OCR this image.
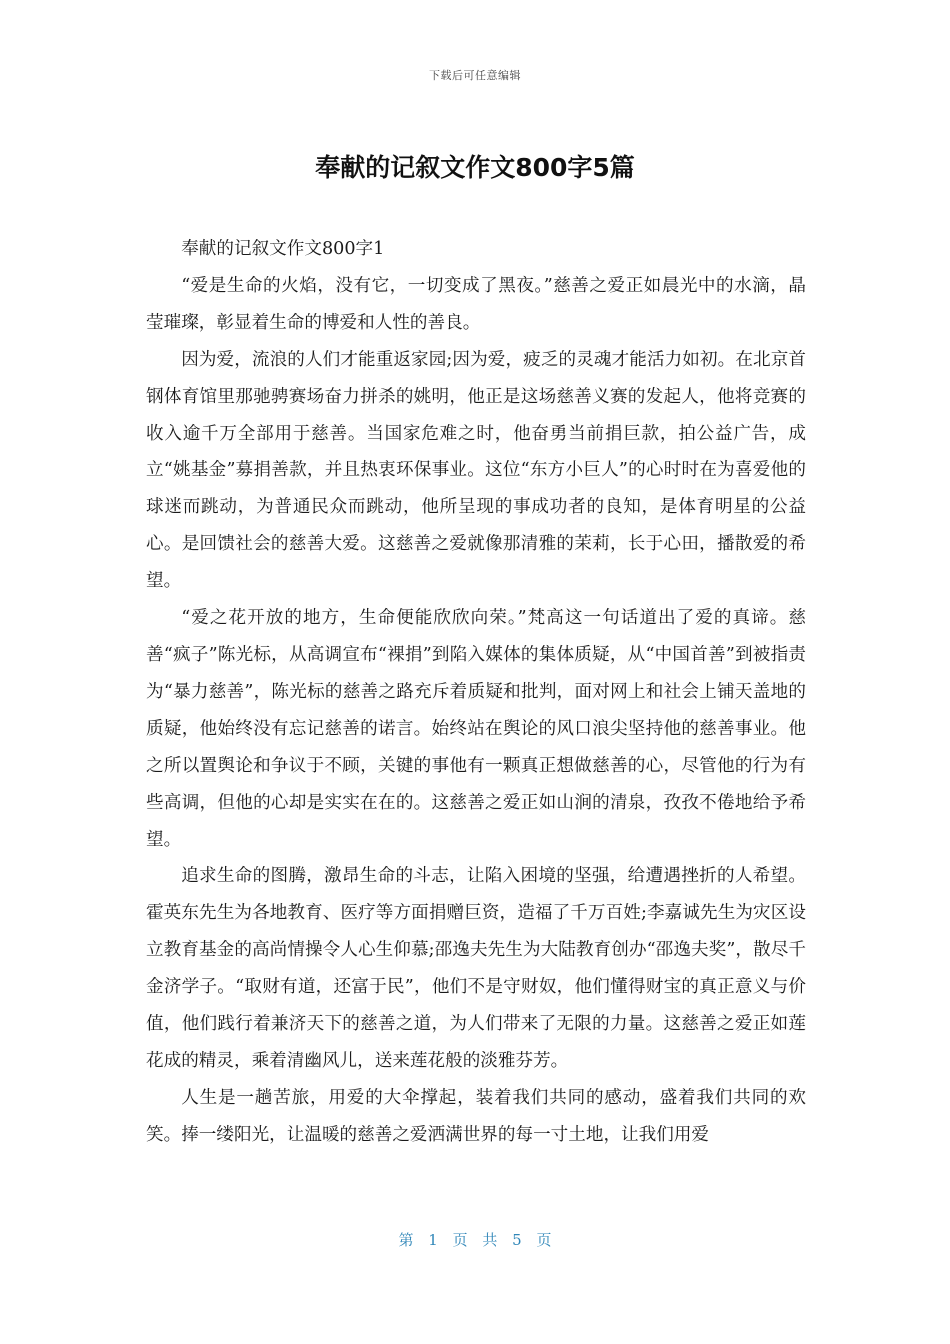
下载后可任意编辑
奉献的记叙文作文800字5篇

奉献的记叙文作文800字1

“爱是生命的火焰，没有它，一切变成了黑夜。”慈善之爱正如晨光中的水滴，晶莹璀璨，彰显着生命的博爱和人性的善良。

因为爱，流浪的人们才能重返家园;因为爱，疲乏的灵魂才能活力如初。在北京首钢体育馆里那驰骋赛场奋力拼杀的姚明，他正是这场慈善义赛的发起人，他将竞赛的收入逾千万全部用于慈善。当国家危难之时，他奋勇当前捐巨款，拍公益广告，成立“姚基金”募捐善款，并且热衷环保事业。这位“东方小巨人”的心时时在为喜爱他的球迷而跳动，为普通民众而跳动，他所呈现的事成功者的良知，是体育明星的公益心。是回馈社会的慈善大爱。这慈善之爱就像那清雅的茉莉，长于心田，播散爱的希望。

“爱之花开放的地方，生命便能欣欣向荣。”梵高这一句话道出了爱的真谛。慈善“疯子”陈光标，从高调宣布“裸捐”到陷入媒体的集体质疑，从“中国首善”到被指责为“暴力慈善”，陈光标的慈善之路充斥着质疑和批判，面对网上和社会上铺天盖地的质疑，他始终没有忘记慈善的诺言。始终站在舆论的风口浪尖坚持他的慈善事业。他之所以置舆论和争议于不顾，关键的事他有一颗真正想做慈善的心，尽管他的行为有些高调，但他的心却是实实在在的。这慈善之爱正如山涧的清泉，孜孜不倦地给予希望。

追求生命的图腾，激昂生命的斗志，让陷入困境的坚强，给遭遇挫折的人希望。霍英东先生为各地教育、医疗等方面捐赠巨资，造福了千万百姓;李嘉诚先生为灾区设立教育基金的高尚情操令人心生仰慕;邵逸夫先生为大陆教育创办“邵逸夫奖”，散尽千金济学子。“取财有道，还富于民”，他们不是守财奴，他们懂得财宝的真正意义与价值，他们践行着兼济天下的慈善之道，为人们带来了无限的力量。这慈善之爱正如莲花成的精灵，乘着清幽风儿，送来莲花般的淡雅芬芳。

人生是一趟苦旅，用爱的大伞撑起，装着我们共同的感动，盛着我们共同的欢笑。捧一缕阳光，让温暖的慈善之爱洒满世界的每一寸土地，让我们用爱

第 1 页 共 5 页
